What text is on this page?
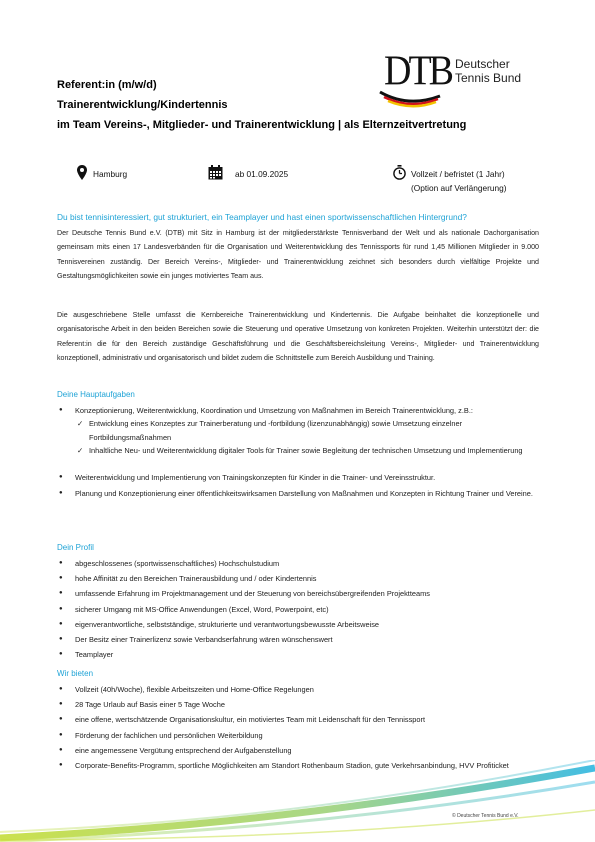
Referent:in (m/w/d)
Trainerentwicklung/Kindertennis
im Team Vereins-, Mitglieder- und Trainerentwicklung | als Elternzeitvertretung
DTB Deutscher
Tennis Bund
Hamburg	ab 01.09.2025	Vollzeit / befristet (1 Jahr)
(Option auf Verlängerung)
Du bist tennisinteressiert, gut strukturiert, ein Teamplayer und hast einen sportwissenschaftlichen Hintergrund?
Der Deutsche Tennis Bund e.V. (DTB) mit Sitz in Hamburg ist der mitgliederstärkste Tennisverband der Welt und als nationale Dachorganisation gemeinsam mits einen 17 Landesverbänden für die Organisation und Weiterentwicklung des Tennissports für rund 1,45 Millionen Mitglieder in 9.000 Tennisvereinen zuständig. Der Bereich Vereins-, Mitglieder- und Trainerentwicklung zeichnet sich besonders durch vielfältige Projekte und Gestaltungsmöglichkeiten sowie ein junges motiviertes Team aus.
Die ausgeschriebene Stelle umfasst die Kernbereiche Trainerentwicklung und Kindertennis. Die Aufgabe beinhaltet die konzeptionelle und organisatorische Arbeit in den beiden Bereichen sowie die Steuerung und operative Umsetzung von konkreten Projekten. Weiterhin unterstützt der: die Referent:in die für den Bereich zuständige Geschäftsführung und die Geschäftsbereichsleitung Vereins-, Mitglieder- und Trainerentwicklung konzeptionell, administrativ und organisatorisch und bildet zudem die Schnittstelle zum Bereich Ausbildung und Training.
Deine Hauptaufgaben
● Konzeptionierung, Weiterentwicklung, Koordination und Umsetzung von Maßnahmen im Bereich Trainerentwicklung, z.B.:
✓ Entwicklung eines Konzeptes zur Trainerberatung und -fortbildung (lizenzunabhängig) sowie Umsetzung einzelner Fortbildungsmaßnahmen
✓ Inhaltliche Neu- und Weiterentwicklung digitaler Tools für Trainer sowie Begleitung der technischen Umsetzung und Implementierung
● Weiterentwicklung und Implementierung von Trainingskonzepten für Kinder in die Trainer- und Vereinsstruktur.
● Planung und Konzeptionierung einer öffentlichkeitswirksamen Darstellung von Maßnahmen und Konzepten in Richtung Trainer und Vereine.
Dein Profil
● abgeschlossenes (sportwissenschaftliches) Hochschulstudium
● hohe Affinität zu den Bereichen Trainerausbildung und / oder Kindertennis
● umfassende Erfahrung im Projektmanagement und der Steuerung von bereichsübergreifenden Projektteams
● sicherer Umgang mit MS-Office Anwendungen (Excel, Word, Powerpoint, etc)
● eigenverantwortliche, selbstständige, strukturierte und verantwortungsbewusste Arbeitsweise
● Der Besitz einer Trainerlizenz sowie Verbandserfahrung wären wünschenswert
● Teamplayer
Wir bieten
● Vollzeit (40h/Woche), flexible Arbeitszeiten und Home-Office Regelungen
● 28 Tage Urlaub auf Basis einer 5 Tage Woche
● eine offene, wertschätzende Organisationskultur, ein motiviertes Team mit Leidenschaft für den Tennissport
● Förderung der fachlichen und persönlichen Weiterbildung
● eine angemessene Vergütung entsprechend der Aufgabenstellung
● Corporate-Benefits-Programm, sportliche Möglichkeiten am Standort Rothenbaum Stadion, gute Verkehrsanbindung, HVV Profiticket
© Deutscher Tennis Bund e.V.
